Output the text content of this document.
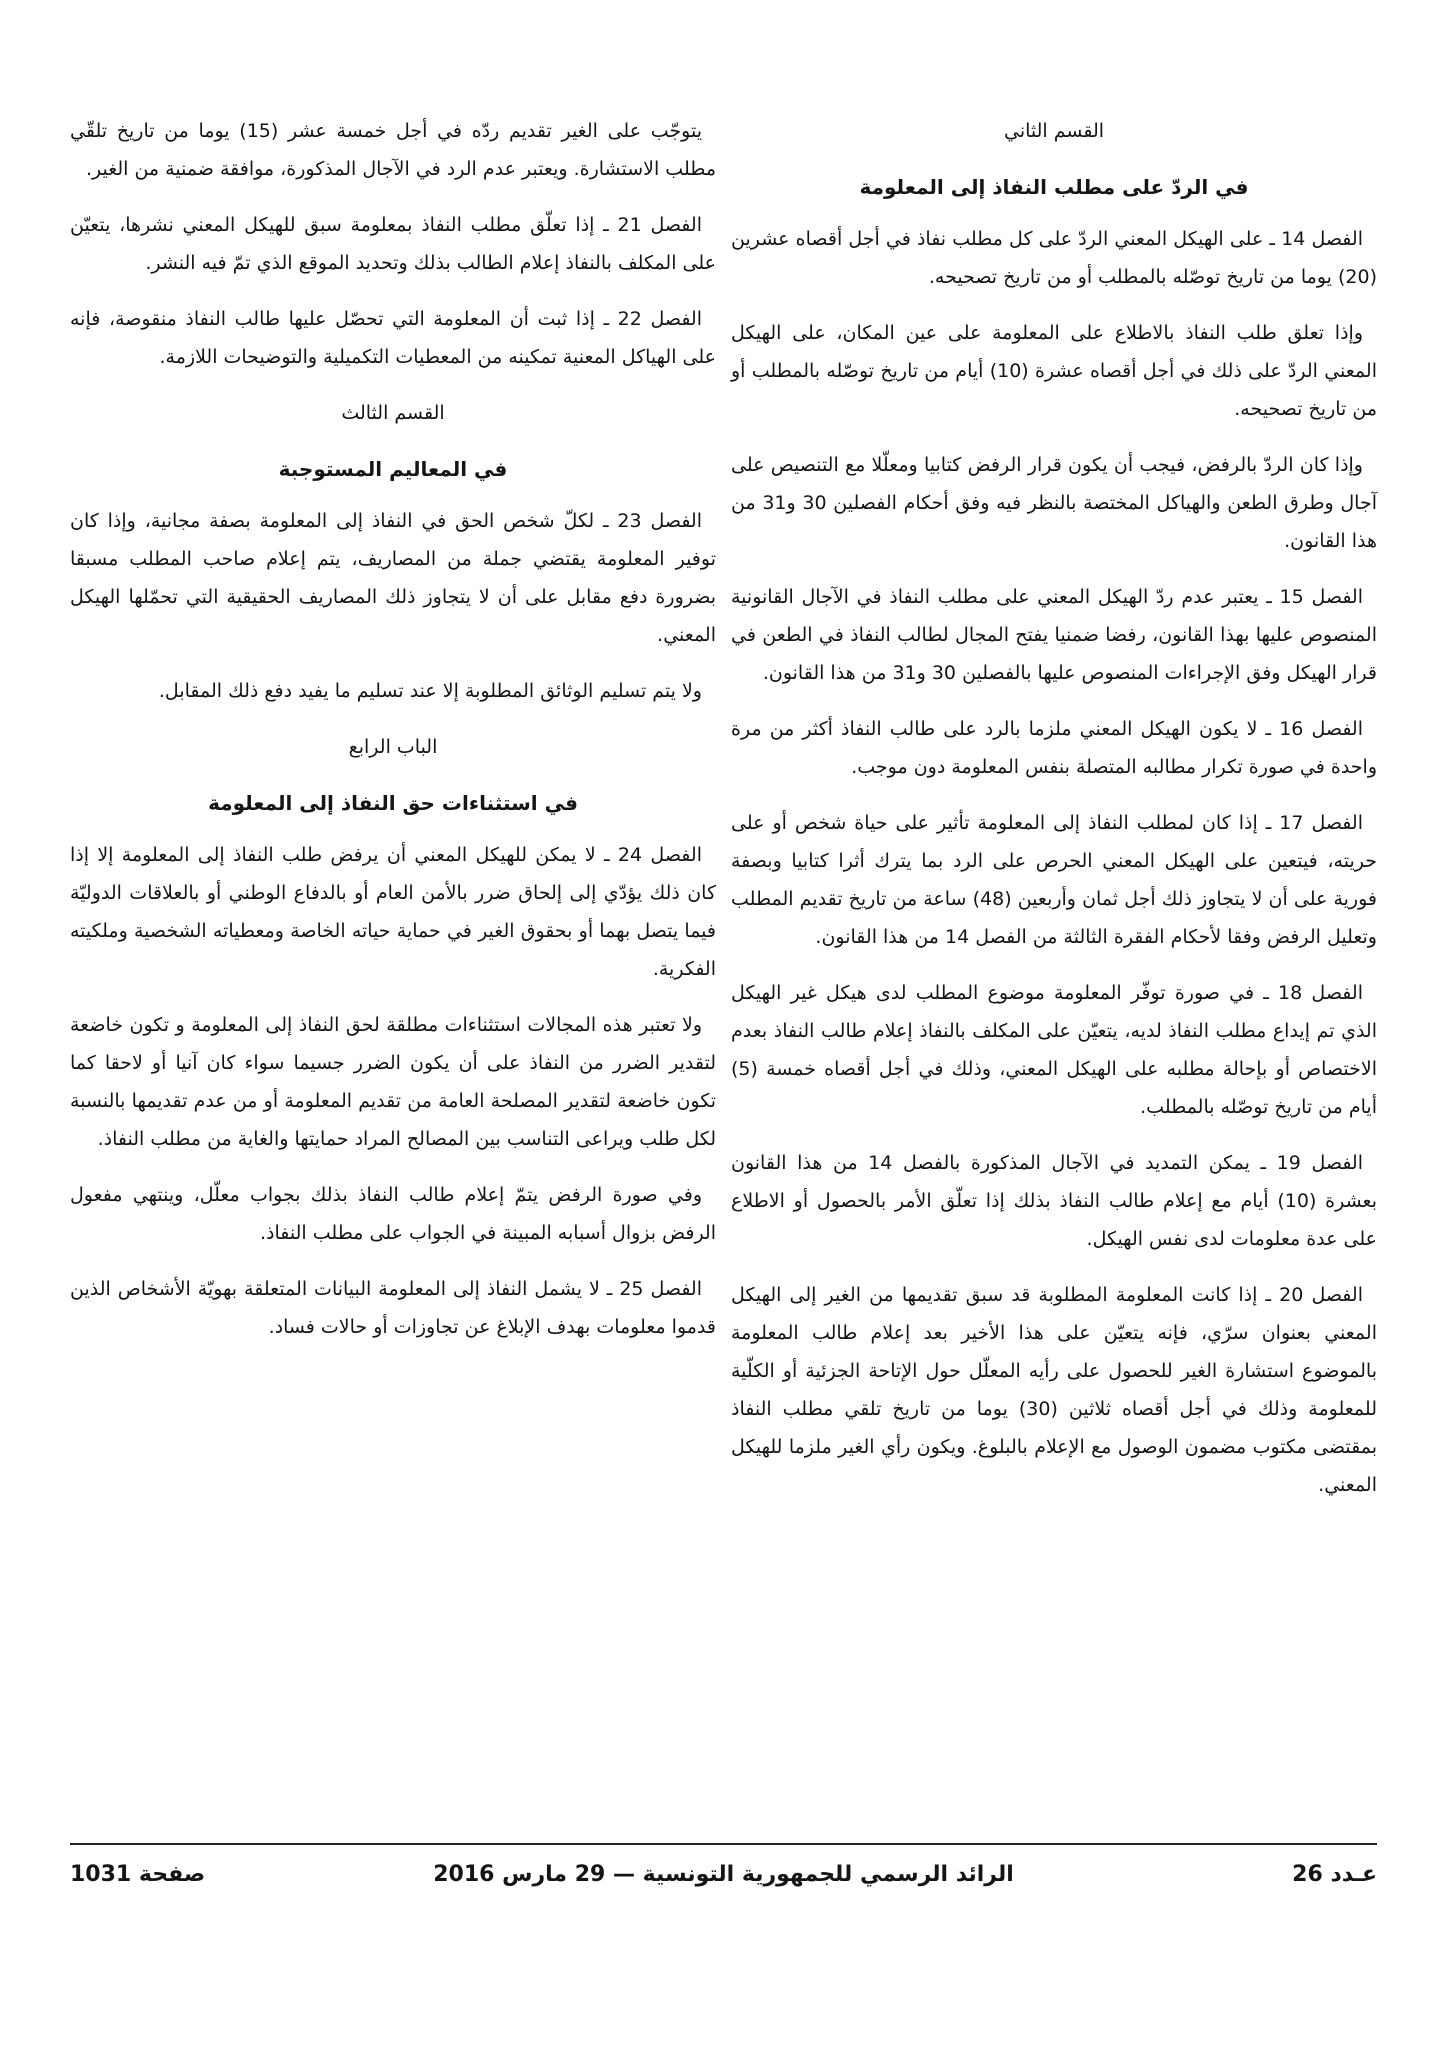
القسم الثاني

في الردّ على مطلب النفاذ إلى المعلومة

الفصل 14 ـ على الهيكل المعني الردّ على كل مطلب نفاذ في أجل أقصاه عشرين (20) يوما من تاريخ توصّله بالمطلب أو من تاريخ تصحيحه.

وإذا تعلق طلب النفاذ بالاطلاع على المعلومة على عين المكان، على الهيكل المعني الردّ على ذلك في أجل أقصاه عشرة (10) أيام من تاريخ توصّله بالمطلب أو من تاريخ تصحيحه.

وإذا كان الردّ بالرفض، فيجب أن يكون قرار الرفض كتابيا ومعلّلا مع التنصيص على آجال وطرق الطعن والهياكل المختصة بالنظر فيه وفق أحكام الفصلين 30 و31 من هذا القانون.

الفصل 15 ـ يعتبر عدم ردّ الهيكل المعني على مطلب النفاذ في الآجال القانونية المنصوص عليها بهذا القانون، رفضا ضمنيا يفتح المجال لطالب النفاذ في الطعن في قرار الهيكل وفق الإجراءات المنصوص عليها بالفصلين 30 و31 من هذا القانون.

الفصل 16 ـ لا يكون الهيكل المعني ملزما بالرد على طالب النفاذ أكثر من مرة واحدة في صورة تكرار مطالبه المتصلة بنفس المعلومة دون موجب.

الفصل 17 ـ إذا كان لمطلب النفاذ إلى المعلومة تأثير على حياة شخص أو على حريته، فيتعين على الهيكل المعني الحرص على الرد بما يترك أثرا كتابيا وبصفة فورية على أن لا يتجاوز ذلك أجل ثمان وأربعين (48) ساعة من تاريخ تقديم المطلب وتعليل الرفض وفقا لأحكام الفقرة الثالثة من الفصل 14 من هذا القانون.

الفصل 18 ـ في صورة توفّر المعلومة موضوع المطلب لدى هيكل غير الهيكل الذي تم إيداع مطلب النفاذ لديه، يتعيّن على المكلف بالنفاذ إعلام طالب النفاذ بعدم الاختصاص أو بإحالة مطلبه على الهيكل المعني، وذلك في أجل أقصاه خمسة (5) أيام من تاريخ توصّله بالمطلب.

الفصل 19 ـ يمكن التمديد في الآجال المذكورة بالفصل 14 من هذا القانون بعشرة (10) أيام مع إعلام طالب النفاذ بذلك إذا تعلّق الأمر بالحصول أو الاطلاع على عدة معلومات لدى نفس الهيكل.

الفصل 20 ـ إذا كانت المعلومة المطلوبة قد سبق تقديمها من الغير إلى الهيكل المعني بعنوان سرّي، فإنه يتعيّن على هذا الأخير بعد إعلام طالب المعلومة بالموضوع استشارة الغير للحصول على رأيه المعلّل حول الإتاحة الجزئية أو الكلّية للمعلومة وذلك في أجل أقصاه ثلاثين (30) يوما من تاريخ تلقي مطلب النفاذ بمقتضى مكتوب مضمون الوصول مع الإعلام بالبلوغ. ويكون رأي الغير ملزما للهيكل المعني.

يتوجّب على الغير تقديم ردّه في أجل خمسة عشر (15) يوما من تاريخ تلقّي مطلب الاستشارة. ويعتبر عدم الرد في الآجال المذكورة، موافقة ضمنية من الغير.

الفصل 21 ـ إذا تعلّق مطلب النفاذ بمعلومة سبق للهيكل المعني نشرها، يتعيّن على المكلف بالنفاذ إعلام الطالب بذلك وتحديد الموقع الذي تمّ فيه النشر.

الفصل 22 ـ إذا ثبت أن المعلومة التي تحصّل عليها طالب النفاذ منقوصة، فإنه على الهياكل المعنية تمكينه من المعطيات التكميلية والتوضيحات اللازمة.

القسم الثالث

في المعاليم المستوجبة

الفصل 23 ـ لكلّ شخص الحق في النفاذ إلى المعلومة بصفة مجانية، وإذا كان توفير المعلومة يقتضي جملة من المصاريف، يتم إعلام صاحب المطلب مسبقا بضرورة دفع مقابل على أن لا يتجاوز ذلك المصاريف الحقيقية التي تحمّلها الهيكل المعني.

ولا يتم تسليم الوثائق المطلوبة إلا عند تسليم ما يفيد دفع ذلك المقابل.

الباب الرابع

في استثناءات حق النفاذ إلى المعلومة

الفصل 24 ـ لا يمكن للهيكل المعني أن يرفض طلب النفاذ إلى المعلومة إلا إذا كان ذلك يؤدّي إلى إلحاق ضرر بالأمن العام أو بالدفاع الوطني أو بالعلاقات الدوليّة فيما يتصل بهما أو بحقوق الغير في حماية حياته الخاصة ومعطياته الشخصية وملكيته الفكرية.

ولا تعتبر هذه المجالات استثناءات مطلقة لحق النفاذ إلى المعلومة و تكون خاضعة لتقدير الضرر من النفاذ على أن يكون الضرر جسيما سواء كان آنيا أو لاحقا كما تكون خاضعة لتقدير المصلحة العامة من تقديم المعلومة أو من عدم تقديمها بالنسبة لكل طلب ويراعى التناسب بين المصالح المراد حمايتها والغاية من مطلب النفاذ.

وفي صورة الرفض يتمّ إعلام طالب النفاذ بذلك بجواب معلّل، وينتهي مفعول الرفض بزوال أسبابه المبينة في الجواب على مطلب النفاذ.

الفصل 25 ـ لا يشمل النفاذ إلى المعلومة البيانات المتعلقة بهويّة الأشخاص الذين قدموا معلومات بهدف الإبلاغ عن تجاوزات أو حالات فساد.

عـدد 26
الرائد الرسمي للجمهورية التونسية — 29 مارس 2016
صفحة 1031
